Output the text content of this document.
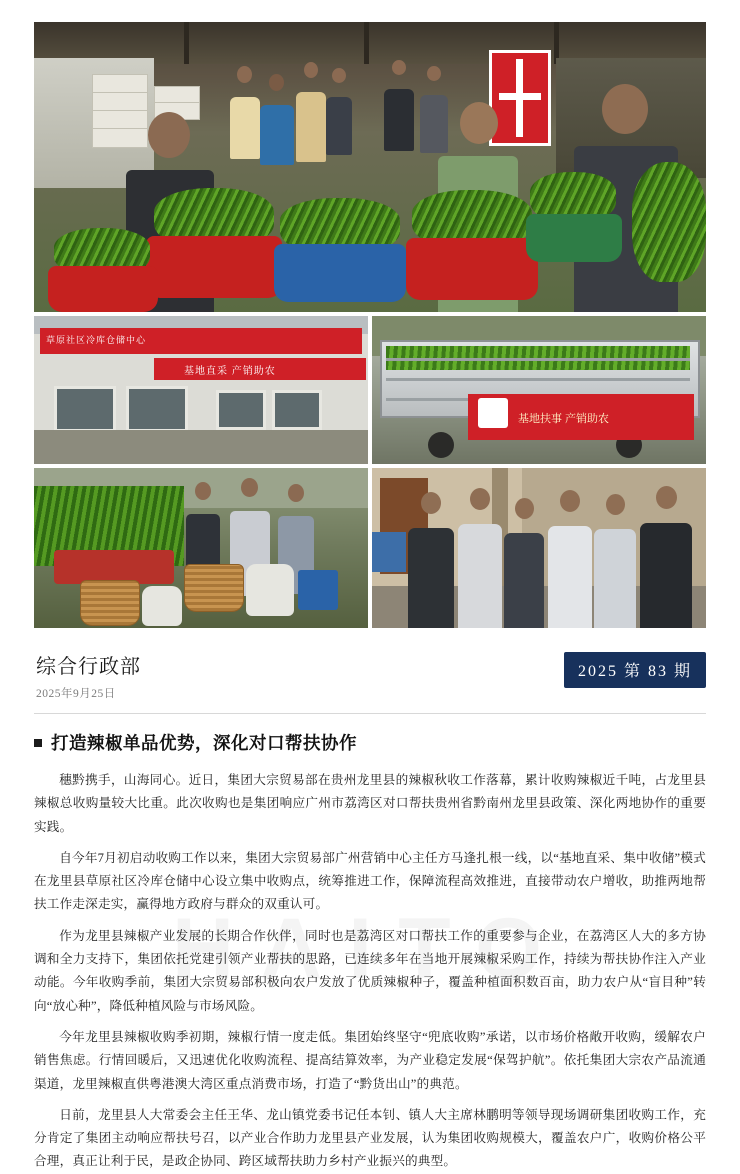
草原社区冷库仓储中心
基地直采 产销助农
基地扶事 产销助农
综合行政部
2025年9月25日
2025 第 83 期
打造辣椒单品优势，深化对口帮扶协作

穗黔携手，山海同心。近日，集团大宗贸易部在贵州龙里县的辣椒秋收工作落幕，累计收购辣椒近千吨，占龙里县辣椒总收购量较大比重。此次收购也是集团响应广州市荔湾区对口帮扶贵州省黔南州龙里县政策、深化两地协作的重要实践。

自今年7月初启动收购工作以来，集团大宗贸易部广州营销中心主任方马逢扎根一线，以“基地直采、集中收储”模式在龙里县草原社区冷库仓储中心设立集中收购点，统筹推进工作，保障流程高效推进，直接带动农户增收，助推两地帮扶工作走深走实，赢得地方政府与群众的双重认可。

作为龙里县辣椒产业发展的长期合作伙伴，同时也是荔湾区对口帮扶工作的重要参与企业，在荔湾区人大的多方协调和全力支持下，集团依托党建引领产业帮扶的思路，已连续多年在当地开展辣椒采购工作，持续为帮扶协作注入产业动能。今年收购季前，集团大宗贸易部积极向农户发放了优质辣椒种子，覆盖种植面积数百亩，助力农户从“盲目种”转向“放心种”，降低种植风险与市场风险。

今年龙里县辣椒收购季初期，辣椒行情一度走低。集团始终坚守“兜底收购”承诺，以市场价格敞开收购，缓解农户销售焦虑。行情回暖后，又迅速优化收购流程、提高结算效率，为产业稳定发展“保驾护航”。依托集团大宗农产品流通渠道，龙里辣椒直供粤港澳大湾区重点消费市场，打造了“黔货出山”的典范。

日前，龙里县人大常委会主任王华、龙山镇党委书记任本钊、镇人大主席林鹏明等领导现场调研集团收购工作，充分肯定了集团主动响应帮扶号召，以产业合作助力龙里县产业发展，认为集团收购规模大，覆盖农户广，收购价格公平合理，真正让利于民，是政企协同、跨区域帮扶助力乡村产业振兴的典型。
